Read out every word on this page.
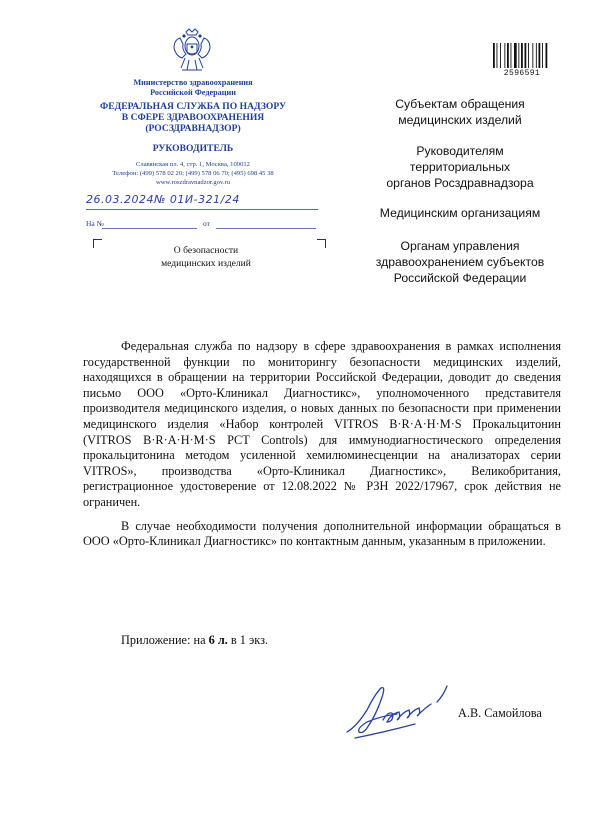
Министерство здравоохранения
Российской Федерации
ФЕДЕРАЛЬНАЯ СЛУЖБА ПО НАДЗОРУ
В СФЕРЕ ЗДРАВООХРАНЕНИЯ
(РОСЗДРАВНАДЗОР)
РУКОВОДИТЕЛЬ
Славянская пл. 4, стр. 1, Москва, 109012
Телефон: (499) 578 02 20; (499) 578 06 70; (495) 698 45 38
www.roszdravnadzor.gov.ru
26.03.2024№ 01И-321/24
На №	от
О безопасности
медицинских изделий
2596591
Субъектам обращения
медицинских изделий
Руководителям
территориальных
органов Росздравнадзора
Медицинским организациям
Органам управления
здравоохранением субъектов
Российской Федерации

Федеральная служба по надзору в сфере здравоохранения в рамках исполнения государственной функции по мониторингу безопасности медицинских изделий, находящихся в обращении на территории Российской Федерации, доводит до сведения письмо ООО «Орто-Клиникал Диагностикс», уполномоченного представителя производителя медицинского изделия, о новых данных по безопасности при применении медицинского изделия «Набор контролей VITROS B·R·A·H·M·S Прокальцитонин (VITROS B·R·A·H·M·S PCT Controls) для иммунодиагностического определения прокальцитонина методом усиленной хемилюминесценции на анализаторах серии VITROS», производства «Орто-Клиникал Диагностикс», Великобритания, регистрационное удостоверение от 12.08.2022 № РЗН 2022/17967, срок действия не ограничен.

В случае необходимости получения дополнительной информации обращаться в ООО «Орто-Клиникал Диагностикс» по контактным данным, указанным в приложении.

Приложение: на 6 л. в 1 экз.
А.В. Самойлова
